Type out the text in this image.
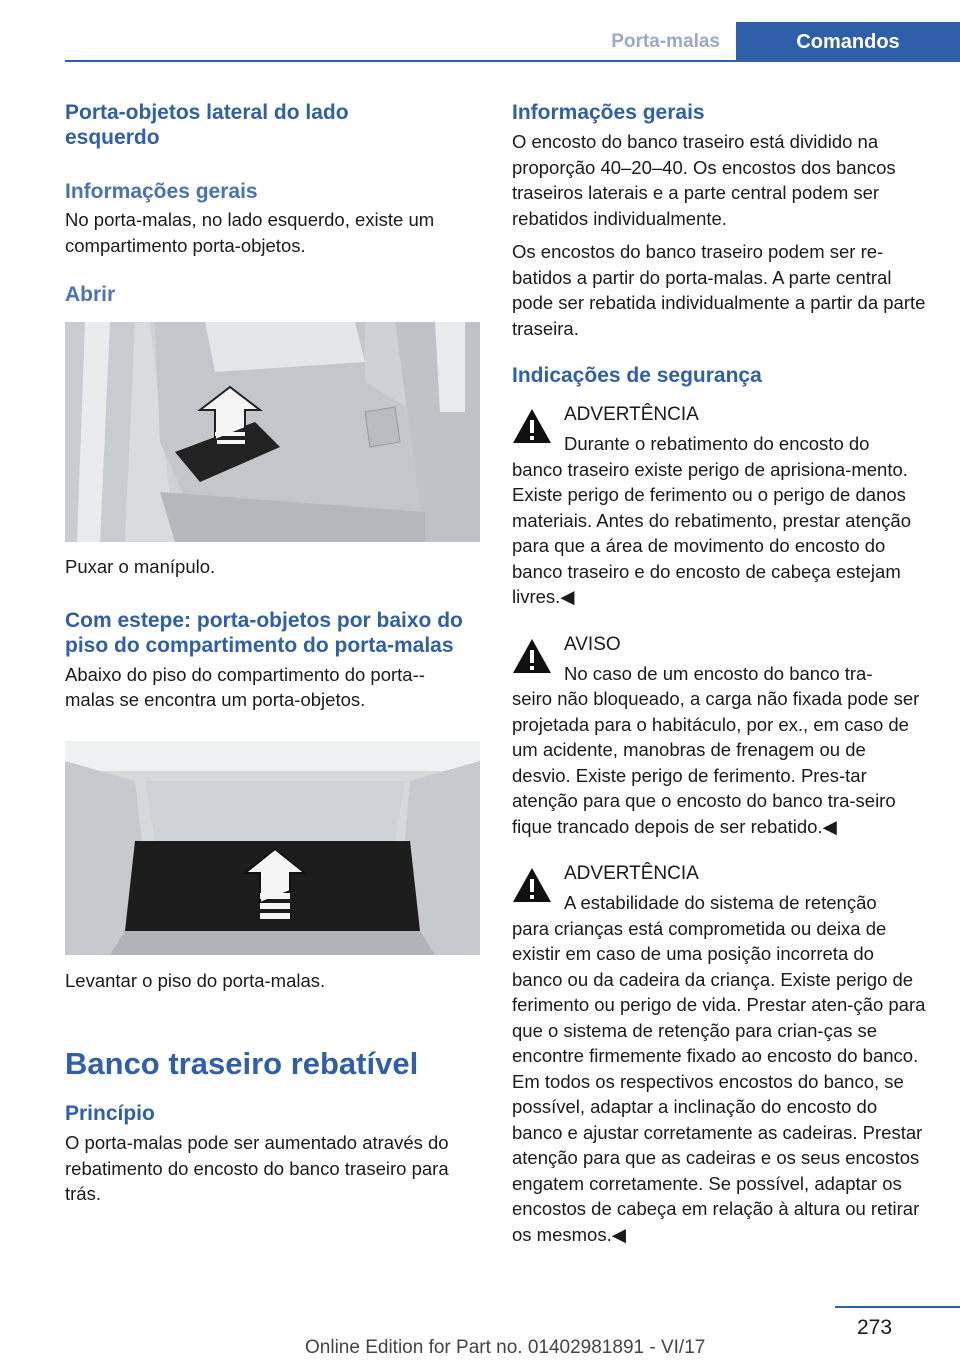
Porta-malas	Comandos
Porta-objetos lateral do lado esquerdo
Informações gerais

No porta-malas, no lado esquerdo, existe um compartimento porta-objetos.

Abrir

Puxar o manípulo.

Com estepe: porta-objetos por baixo do piso do compartimento do porta-malas

Abaixo do piso do compartimento do porta--malas se encontra um porta-objetos.

Levantar o piso do porta-malas.

Banco traseiro rebatível
Princípio

O porta-malas pode ser aumentado através do rebatimento do encosto do banco traseiro para trás.

Informações gerais

O encosto do banco traseiro está dividido na proporção 40–20–40. Os encostos dos bancos traseiros laterais e a parte central podem ser rebatidos individualmente.

Os encostos do banco traseiro podem ser re-batidos a partir do porta-malas. A parte central pode ser rebatida individualmente a partir da parte traseira.

Indicações de segurança
ADVERTÊNCIA

Durante o rebatimento do encosto do

banco traseiro existe perigo de aprisiona-mento. Existe perigo de ferimento ou o perigo de danos materiais. Antes do rebatimento, prestar atenção para que a área de movimento do encosto do banco traseiro e do encosto de cabeça estejam livres.◀

AVISO

No caso de um encosto do banco tra-

seiro não bloqueado, a carga não fixada pode ser projetada para o habitáculo, por ex., em caso de um acidente, manobras de frenagem ou de desvio. Existe perigo de ferimento. Pres-tar atenção para que o encosto do banco tra-seiro fique trancado depois de ser rebatido.◀

ADVERTÊNCIA

A estabilidade do sistema de retenção

para crianças está comprometida ou deixa de existir em caso de uma posição incorreta do banco ou da cadeira da criança. Existe perigo de ferimento ou perigo de vida. Prestar aten-ção para que o sistema de retenção para crian-ças se encontre firmemente fixado ao encosto do banco. Em todos os respectivos encostos do banco, se possível, adaptar a inclinação do encosto do banco e ajustar corretamente as cadeiras. Prestar atenção para que as cadeiras e os seus encostos engatem corretamente. Se possível, adaptar os encostos de cabeça em relação à altura ou retirar os mesmos.◀

273
Online Edition for Part no. 01402981891 - VI/17
